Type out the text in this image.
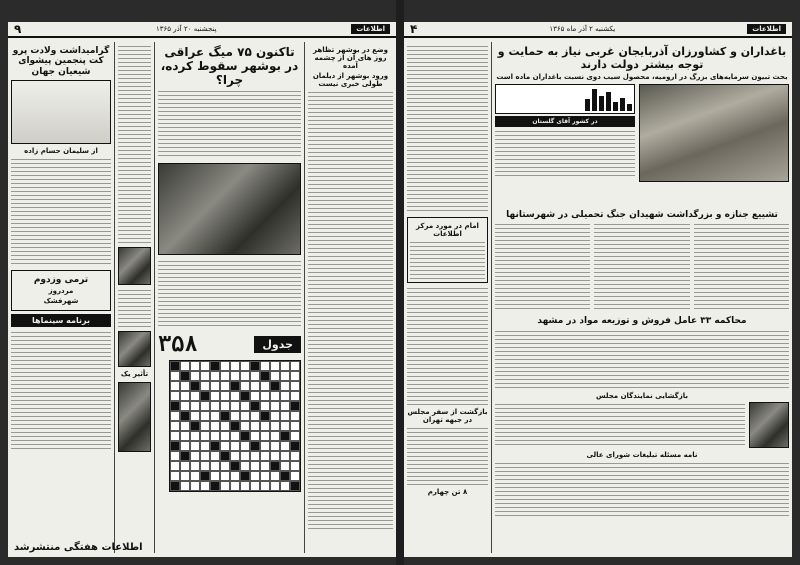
اطلاعات
پنجشنبه ۲۰ آذر ۱۳۶۵
٩
وضع در بوشهر تظاهر روز های آن از چشمه آمده
ورود بوشهر از دیلمان طولی خبری نیست
تاکنون ۷۵ میگ عراقی در بوشهر سقوط کرده، چرا؟
جدول
۳۵۸
تأثیر یک
گرامیداشت ولادت پرو کت پنجمین پیشوای شیعیان جهان
از سلیمان حسام زاده
ترمی وزدوم
مردروز
شهرفشک
برنامه سینماها
اطلاعات هفتگی منتشرشد
اطلاعات
یکشنبه ۲ آذر ماه ۱۳۶۵
۴
باغداران و کشاورزان آذربایجان غربی نیاز به حمایت و توجه بیشتر دولت دارند
بحث تبیون سرمایه‌های بزرگ در ارومیه، محصول سیب دوی نسبت باغداران ماده است
در کشور آقای گلستان
امام در مورد مرکز اطلاعات
بازگشت از سفر مجلس در جبهه تهران
۸ تن چهارم
تشییع جنازه و بزرگداشت شهیدان جنگ تحمیلی در شهرستانها
محاکمه ۳۳ عامل فروش و توزیعه مواد در مشهد
بازگشایی نمایندگان مجلس
نامه مسئله تبلیغات شورای عالی
